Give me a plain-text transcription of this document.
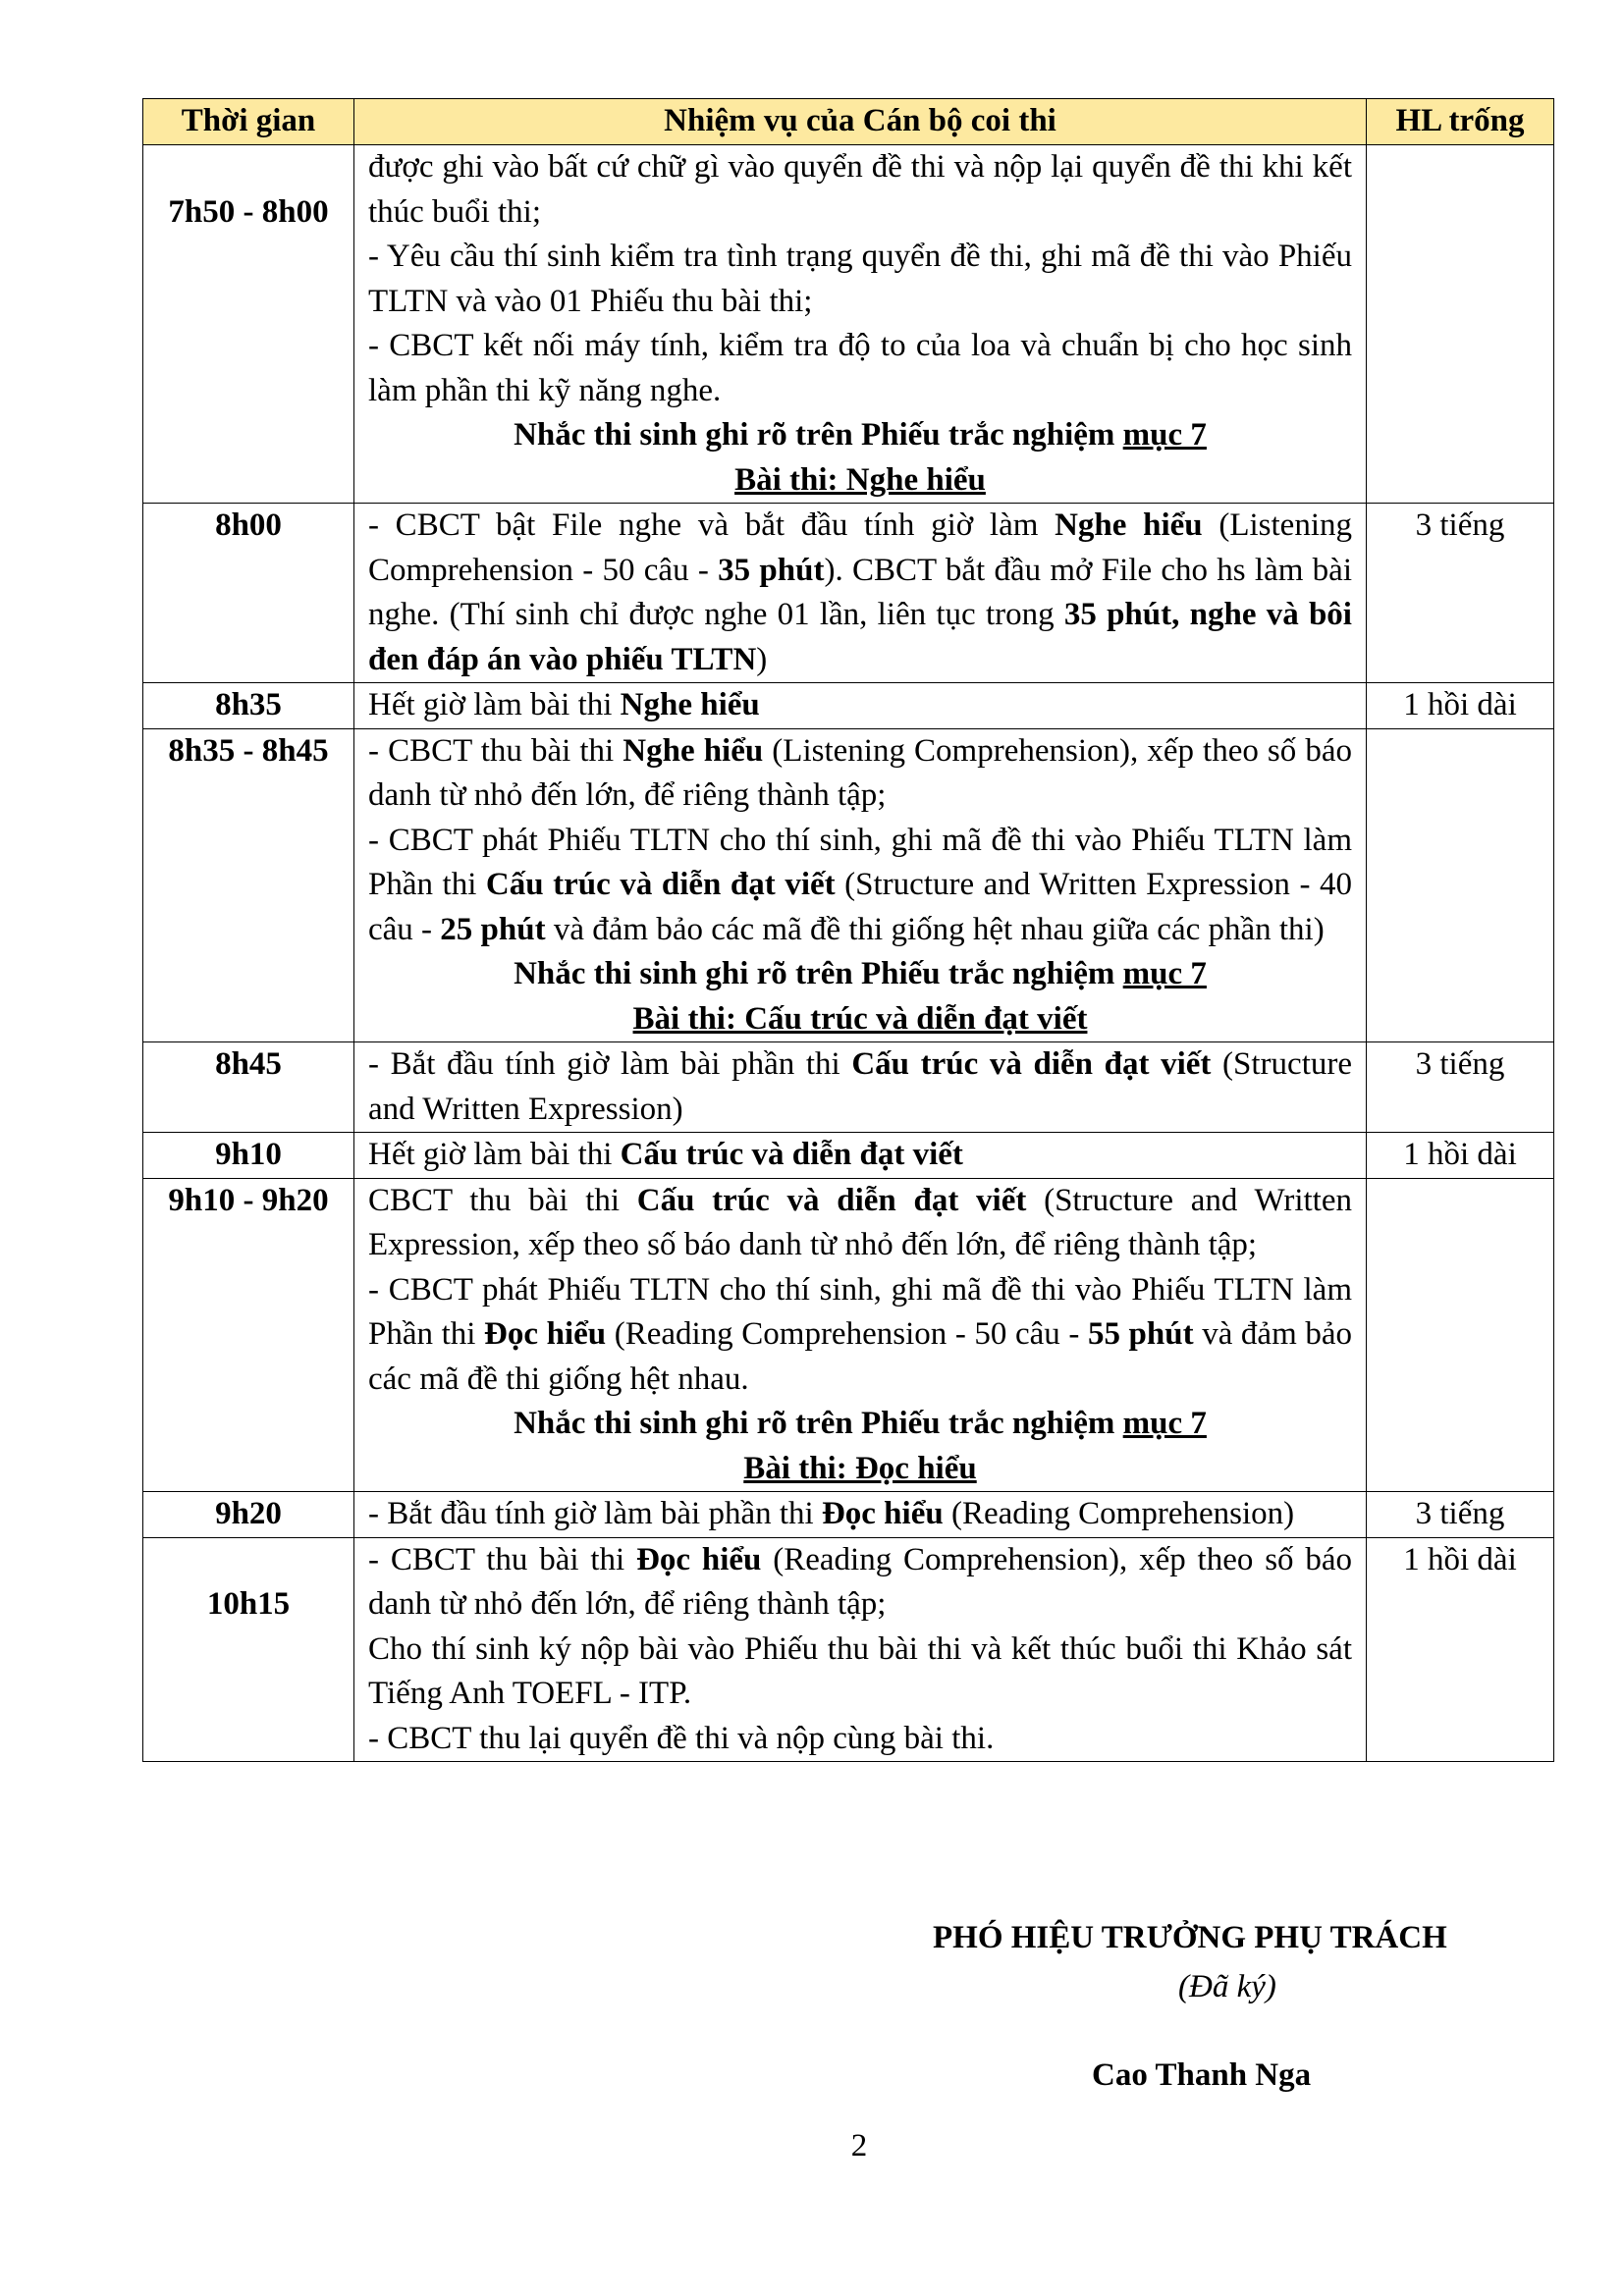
Thời gian	Nhiệm vụ của Cán bộ coi thi	HL trống

7h50 - 8h00	được ghi vào bất cứ chữ gì vào quyển đề thi và nộp lại quyển đề thi khi kết thúc buổi thi;
- Yêu cầu thí sinh kiểm tra tình trạng quyển đề thi, ghi mã đề thi vào Phiếu TLTN và vào 01 Phiếu thu bài thi;
- CBCT kết nối máy tính, kiểm tra độ to của loa và chuẩn bị cho học sinh làm phần thi kỹ năng nghe.
Nhắc thi sinh ghi rõ trên Phiếu trắc nghiệm mục 7
Bài thi: Nghe hiểu	

8h00	- CBCT bật File nghe và bắt đầu tính giờ làm Nghe hiểu (Listening Comprehension - 50 câu - 35 phút). CBCT bắt đầu mở File cho hs làm bài nghe. (Thí sinh chỉ được nghe 01 lần, liên tục trong 35 phút, nghe và bôi đen đáp án vào phiếu TLTN)	3 tiếng
8h35	Hết giờ làm bài thi Nghe hiểu	1 hồi dài
8h35 - 8h45	- CBCT thu bài thi Nghe hiểu (Listening Comprehension), xếp theo số báo danh từ nhỏ đến lớn, để riêng thành tập;
- CBCT phát Phiếu TLTN cho thí sinh, ghi mã đề thi vào Phiếu TLTN làm Phần thi Cấu trúc và diễn đạt viết (Structure and Written Expression - 40 câu - 25 phút và đảm bảo các mã đề thi giống hệt nhau giữa các phần thi)
Nhắc thi sinh ghi rõ trên Phiếu trắc nghiệm mục 7
Bài thi: Cấu trúc và diễn đạt viết	

8h45	- Bắt đầu tính giờ làm bài phần thi Cấu trúc và diễn đạt viết (Structure and Written Expression)	3 tiếng
9h10	Hết giờ làm bài thi Cấu trúc và diễn đạt viết	1 hồi dài
9h10 - 9h20	CBCT thu bài thi Cấu trúc và diễn đạt viết (Structure and Written Expression, xếp theo số báo danh từ nhỏ đến lớn, để riêng thành tập;
- CBCT phát Phiếu TLTN cho thí sinh, ghi mã đề thi vào Phiếu TLTN làm Phần thi Đọc hiểu (Reading Comprehension - 50 câu - 55 phút và đảm bảo các mã đề thi giống hệt nhau.
Nhắc thi sinh ghi rõ trên Phiếu trắc nghiệm mục 7
Bài thi: Đọc hiểu	

9h20	- Bắt đầu tính giờ làm bài phần thi Đọc hiểu (Reading Comprehension)	3 tiếng

10h15	- CBCT thu bài thi Đọc hiểu (Reading Comprehension), xếp theo số báo danh từ nhỏ đến lớn, để riêng thành tập;
Cho thí sinh ký nộp bài vào Phiếu thu bài thi và kết thúc buổi thi Khảo sát Tiếng Anh TOEFL - ITP.
- CBCT thu lại quyển đề thi và nộp cùng bài thi.	1 hồi dài
PHÓ HIỆU TRƯỞNG PHỤ TRÁCH
(Đã ký)
Cao Thanh Nga
2
